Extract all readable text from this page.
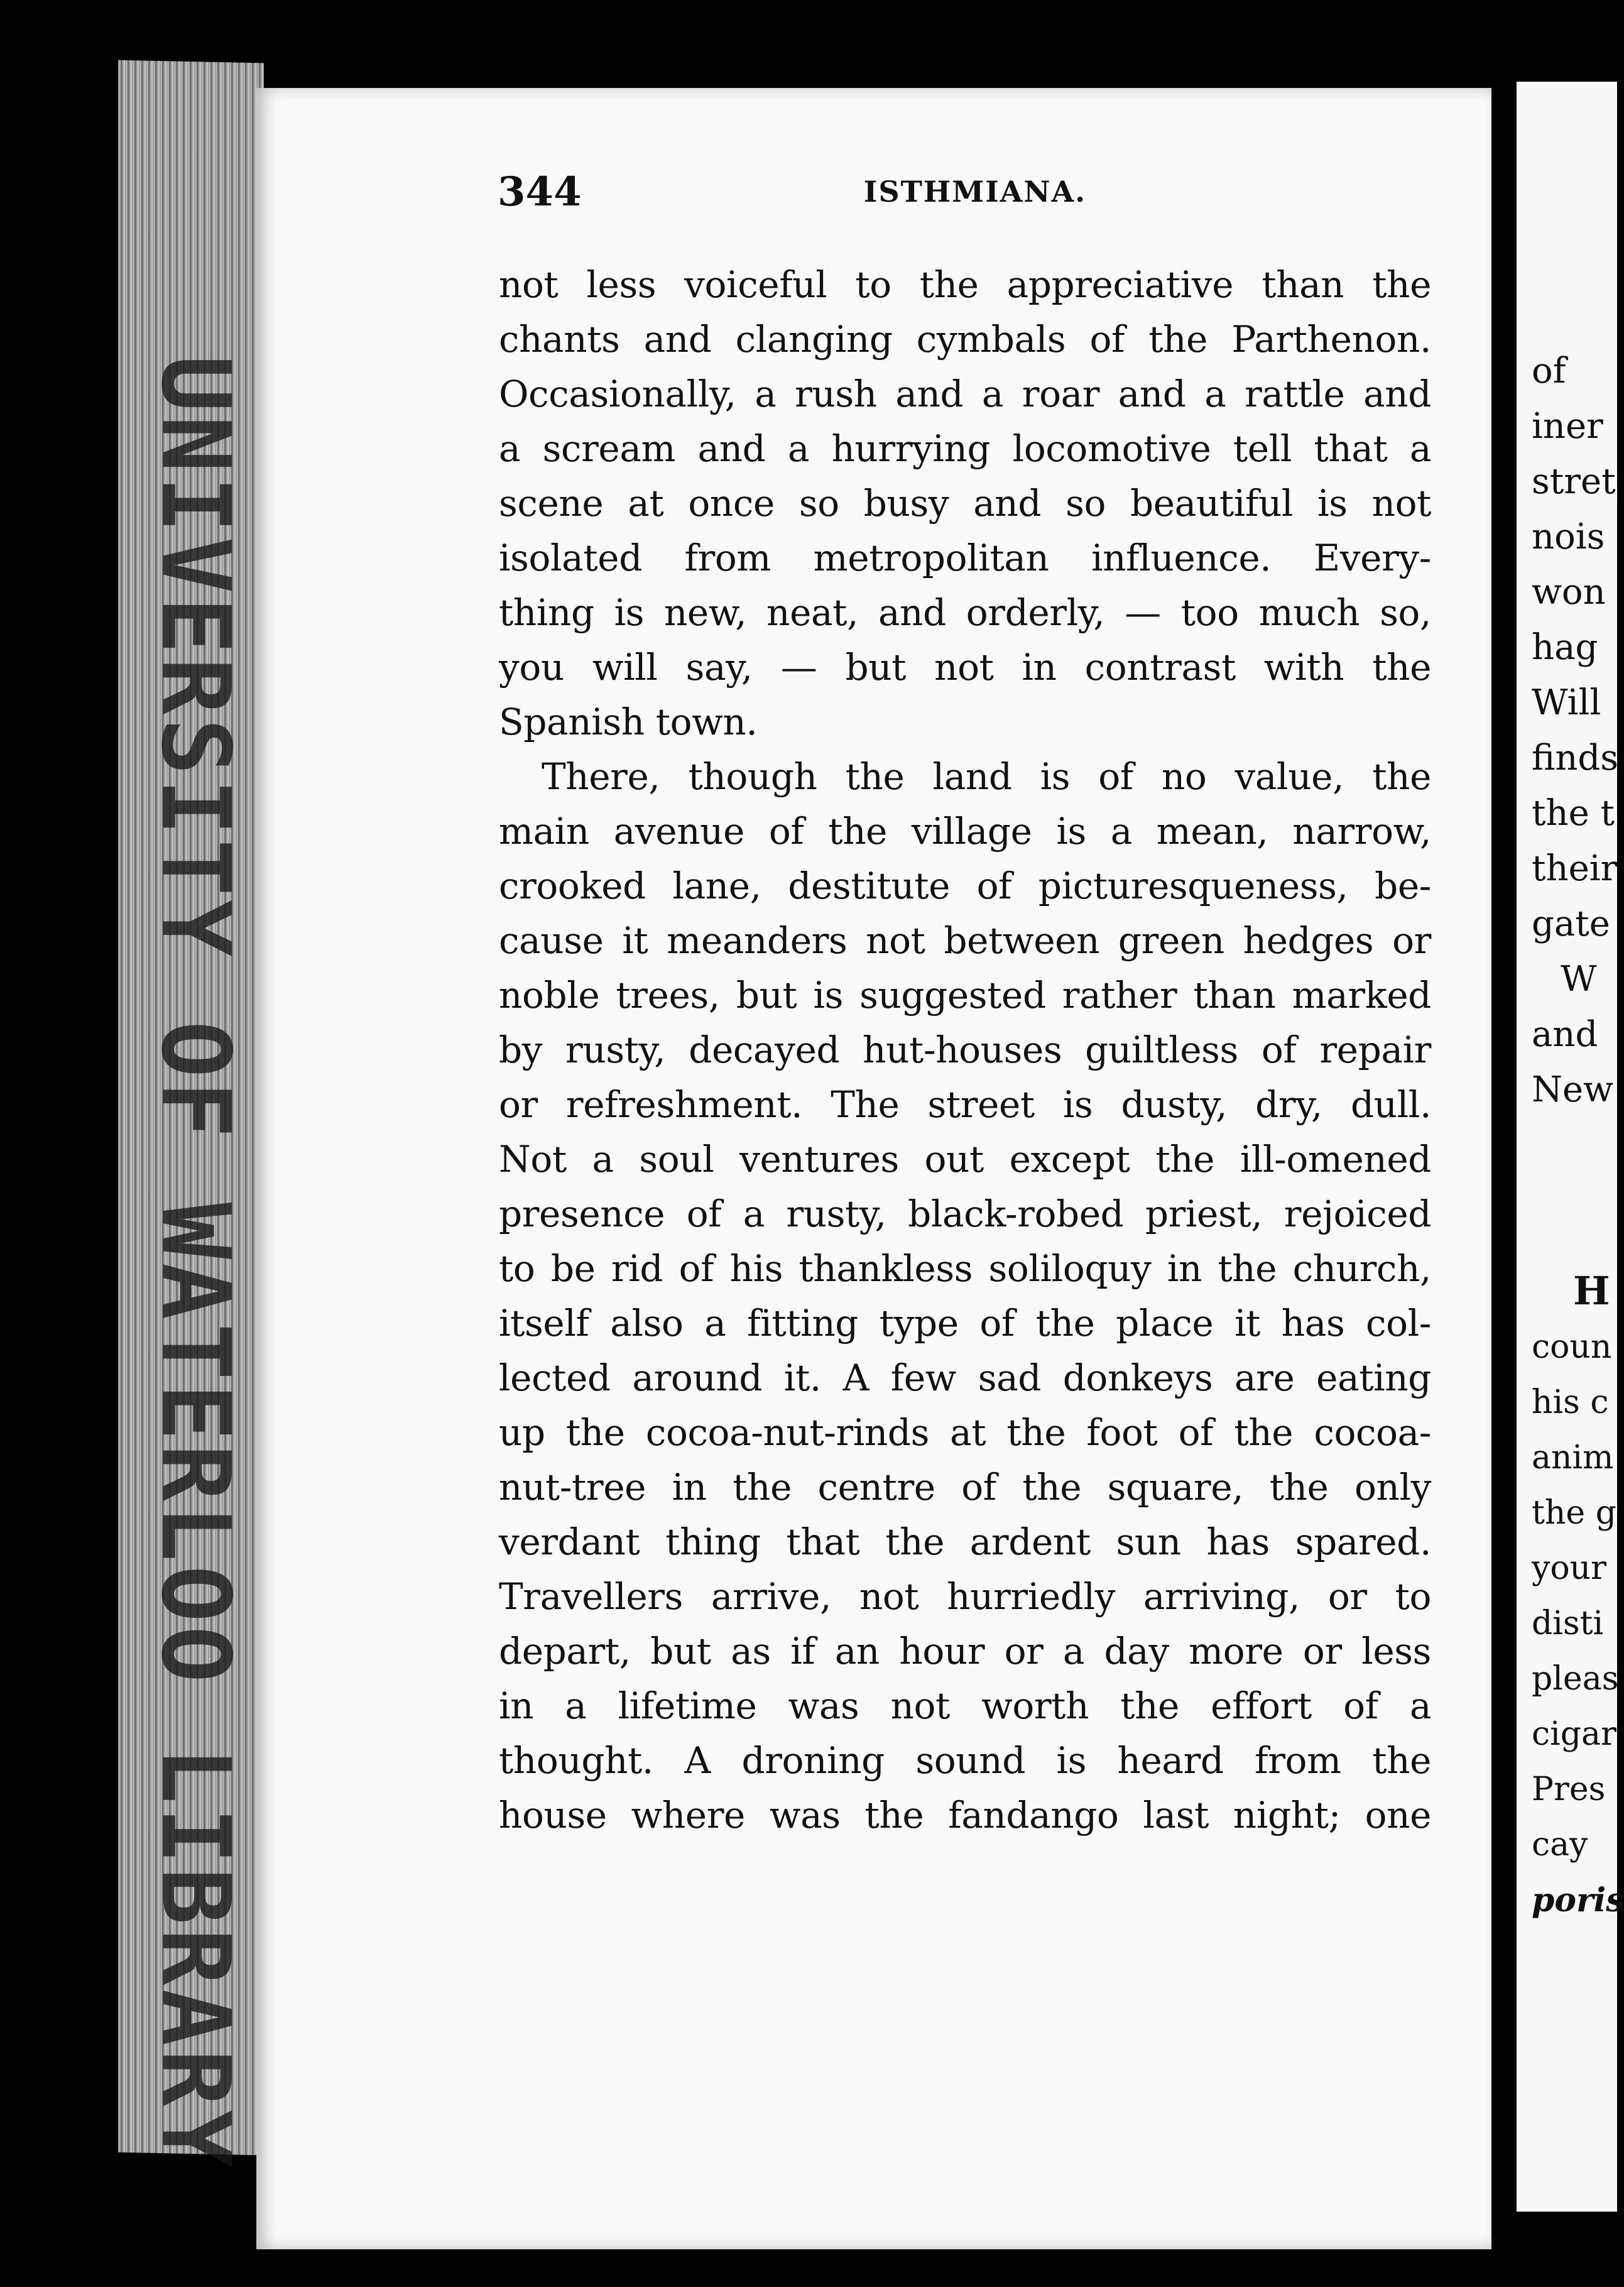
UNIVERSITY OF WATERLOO LIBRARY
344	ISTHMIANA.
not less voiceful to the appreciative than the
chants and clanging cymbals of the Parthenon.
Occasionally, a rush and a roar and a rattle and
a scream and a hurrying locomotive tell that a
scene at once so busy and so beautiful is not
isolated from metropolitan influence. Every-
thing is new, neat, and orderly, — too much so,
you will say, — but not in contrast with the
Spanish town.
There, though the land is of no value, the
main avenue of the village is a mean, narrow,
crooked lane, destitute of picturesqueness, be-
cause it meanders not between green hedges or
noble trees, but is suggested rather than marked
by rusty, decayed hut-houses guiltless of repair
or refreshment. The street is dusty, dry, dull.
Not a soul ventures out except the ill-omened
presence of a rusty, black-robed priest, rejoiced
to be rid of his thankless soliloquy in the church,
itself also a fitting type of the place it has col-
lected around it. A few sad donkeys are eating
up the cocoa-nut-rinds at the foot of the cocoa-
nut-tree in the centre of the square, the only
verdant thing that the ardent sun has spared.
Travellers arrive, not hurriedly arriving, or to
depart, but as if an hour or a day more or less
in a lifetime was not worth the effort of a
thought. A droning sound is heard from the
house where was the fandango last night; one
of
iner
stret
nois
won
hag
Will
finds
the t
their
gate
W
and
New
H
coun
his c
anim
the g
your
disti
pleas
cigar
Pres
cay
poris
